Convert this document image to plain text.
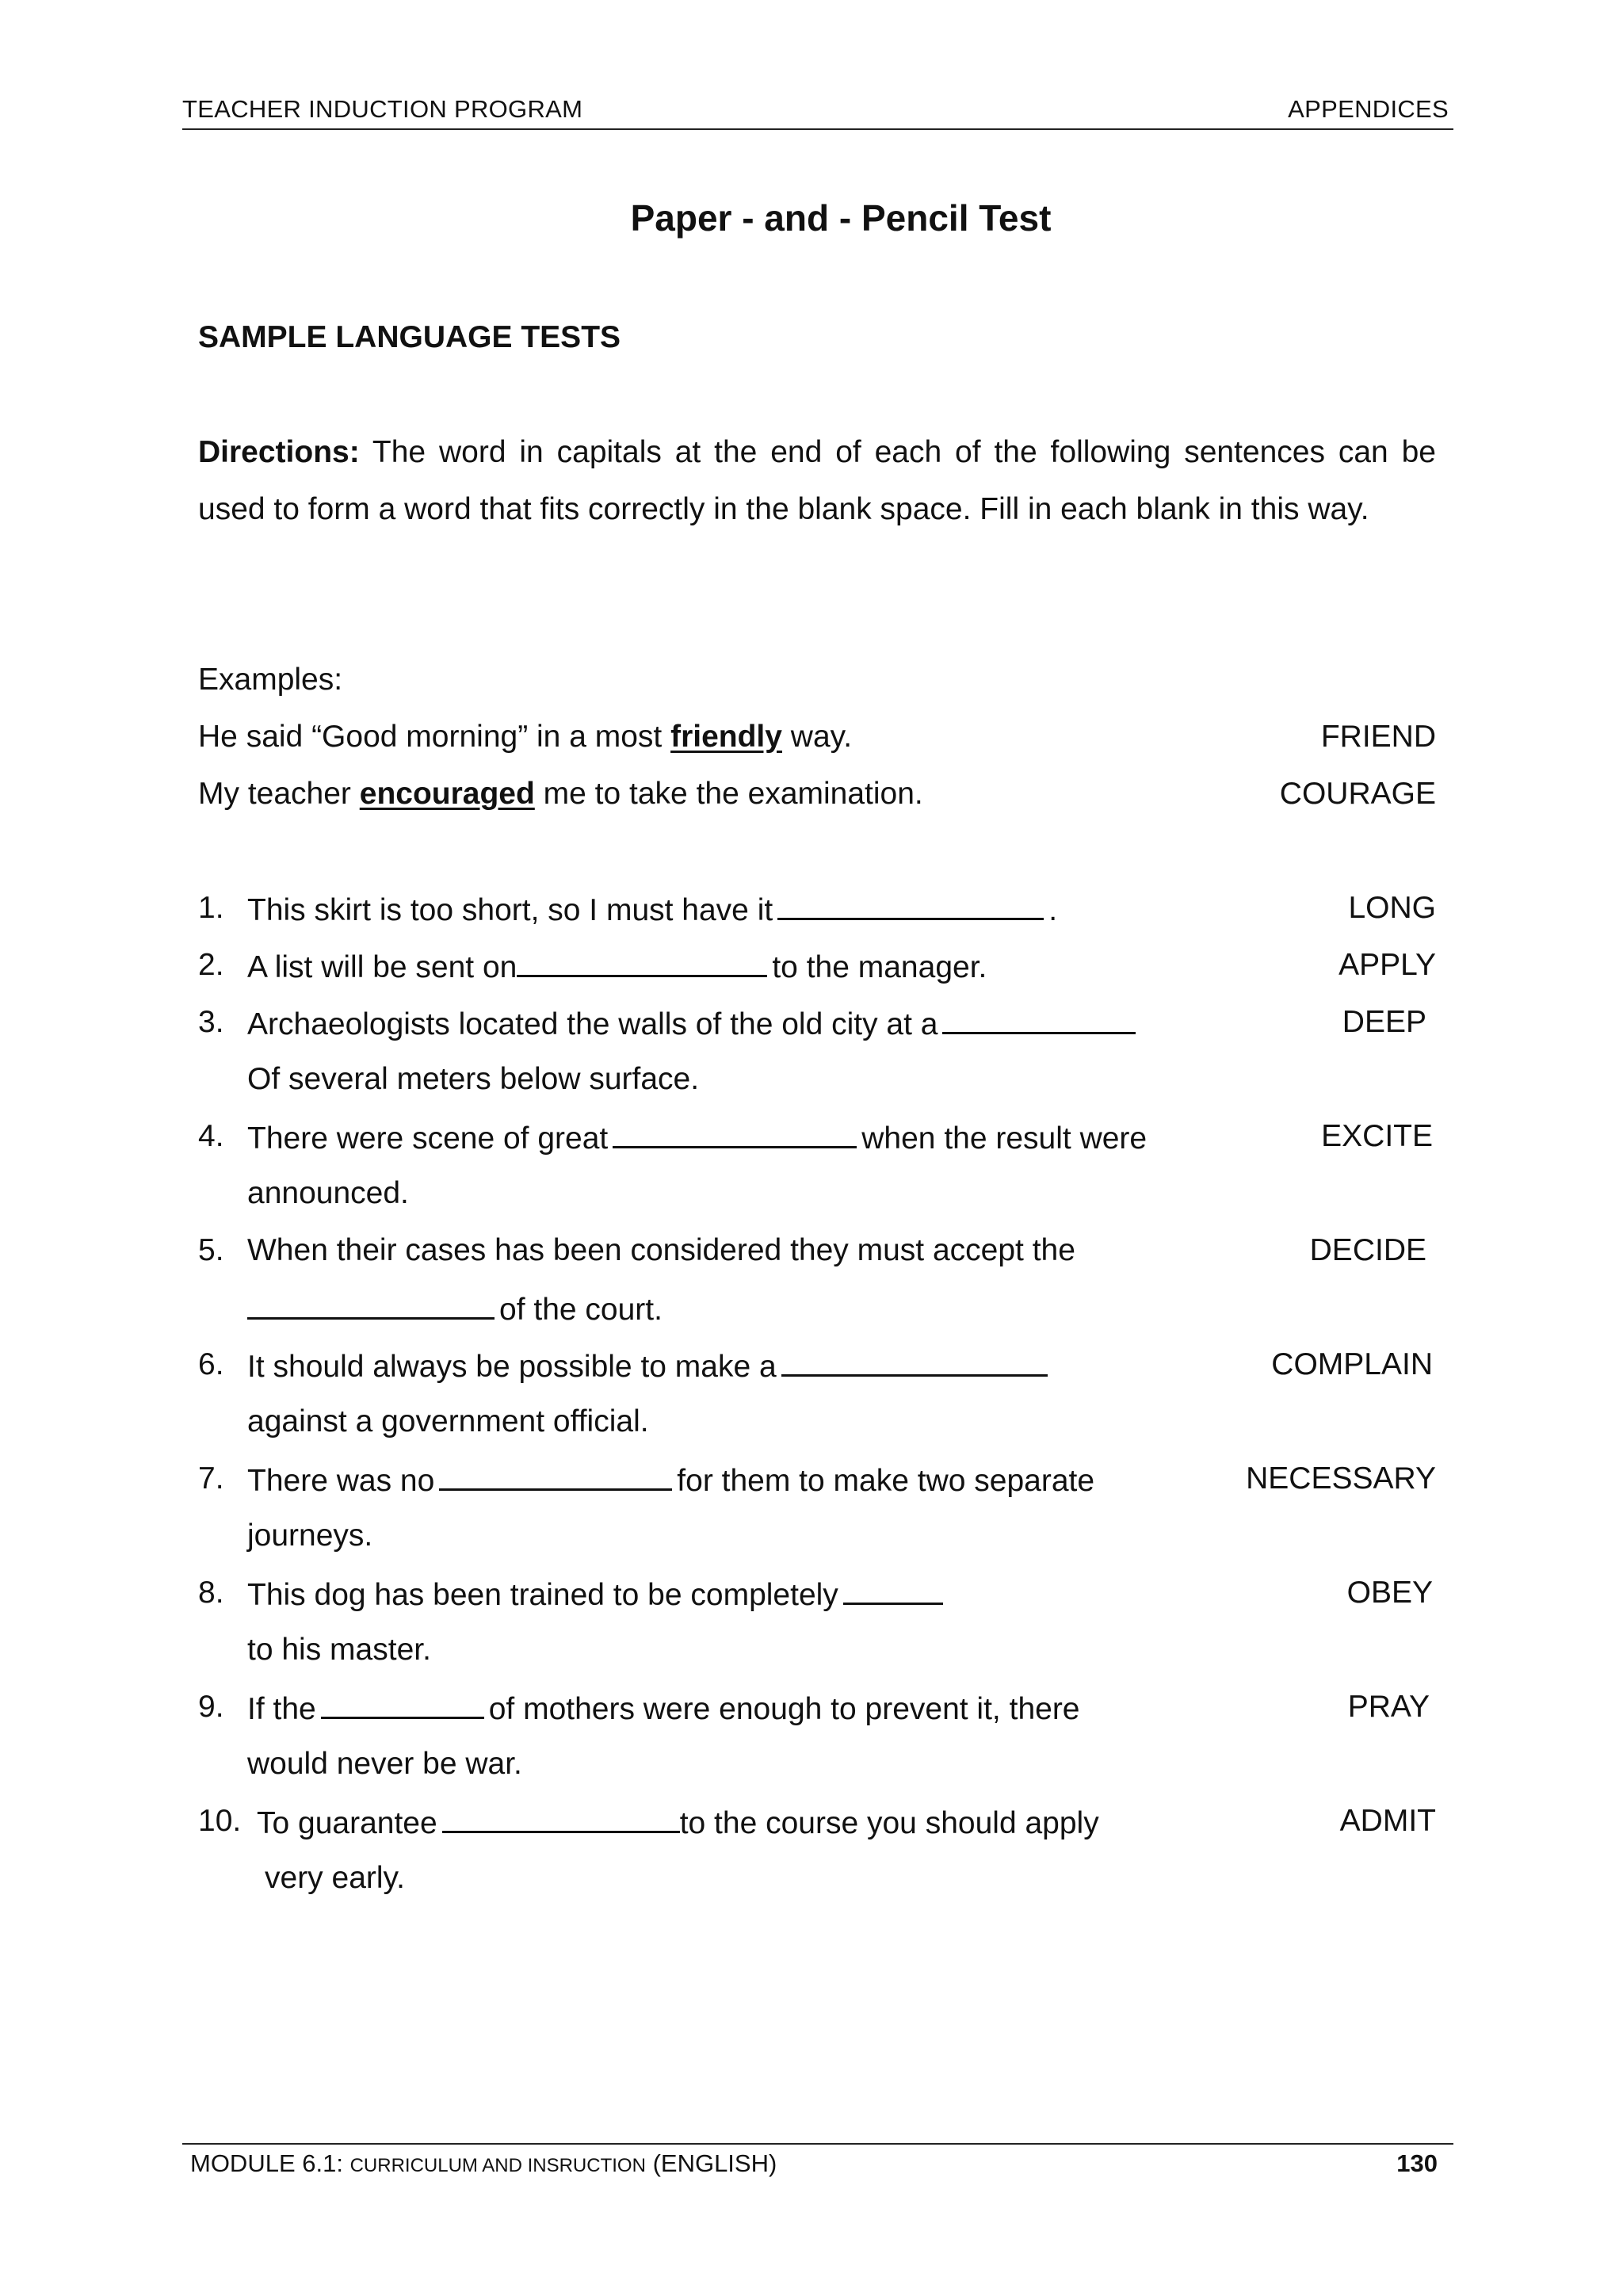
TEACHER INDUCTION PROGRAM	APPENDICES
Paper - and - Pencil Test
SAMPLE LANGUAGE TESTS
Directions: The word in capitals at the end of each of the following sentences can be used to form a word that fits correctly in the blank space. Fill in each blank in this way.
Examples:
He said “Good morning” in a most friendly way.	FRIEND
My teacher encouraged me to take the examination.	COURAGE
1. This skirt is too short, so I must have it	.	LONG
2. A list will be sent on	to the manager.	APPLY
3. Archaeologists located the walls of the old city at a	DEEP
Of several meters below surface.
4. There were scene of great	when the result were	EXCITE
announced.
5. When their cases has been considered they must accept the	DECIDE
of the court.
6. It should always be possible to make a	COMPLAIN
against a government official.
7. There was no	for them to make two separate	NECESSARY
journeys.
8. This dog has been trained to be completely	OBEY
to his master.
9. If the	of mothers were enough to prevent it, there	PRAY
would never be war.
10. To guarantee	to the course you should apply	ADMIT
very early.
MODULE 6.1: CURRICULUM AND INSRUCTION (ENGLISH)	130
